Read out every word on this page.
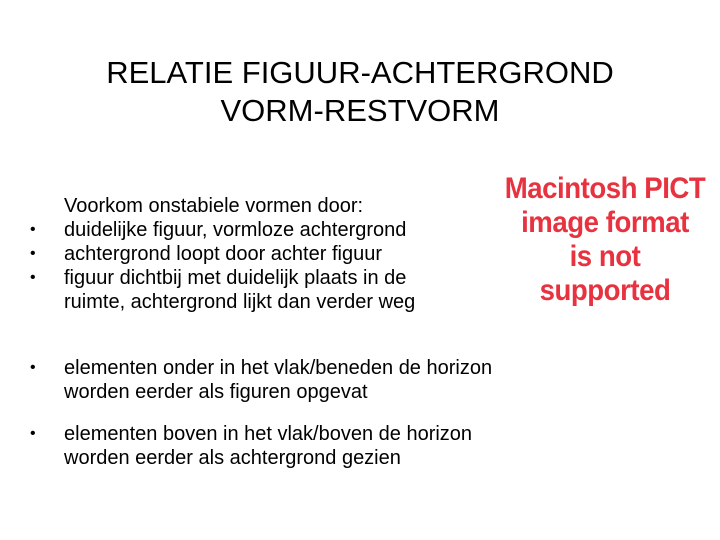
RELATIE FIGUUR-ACHTERGROND
VORM-RESTVORM
Voorkom onstabiele vormen door:
• duidelijke figuur, vormloze achtergrond
• achtergrond loopt door achter figuur
• figuur dichtbij met duidelijk plaats in de
ruimte, achtergrond lijkt dan verder weg
• elementen onder in het vlak/beneden de horizon
worden eerder als figuren opgevat
• elementen boven in het vlak/boven de horizon
worden eerder als achtergrond gezien
Macintosh PICT
image format
is not supported
